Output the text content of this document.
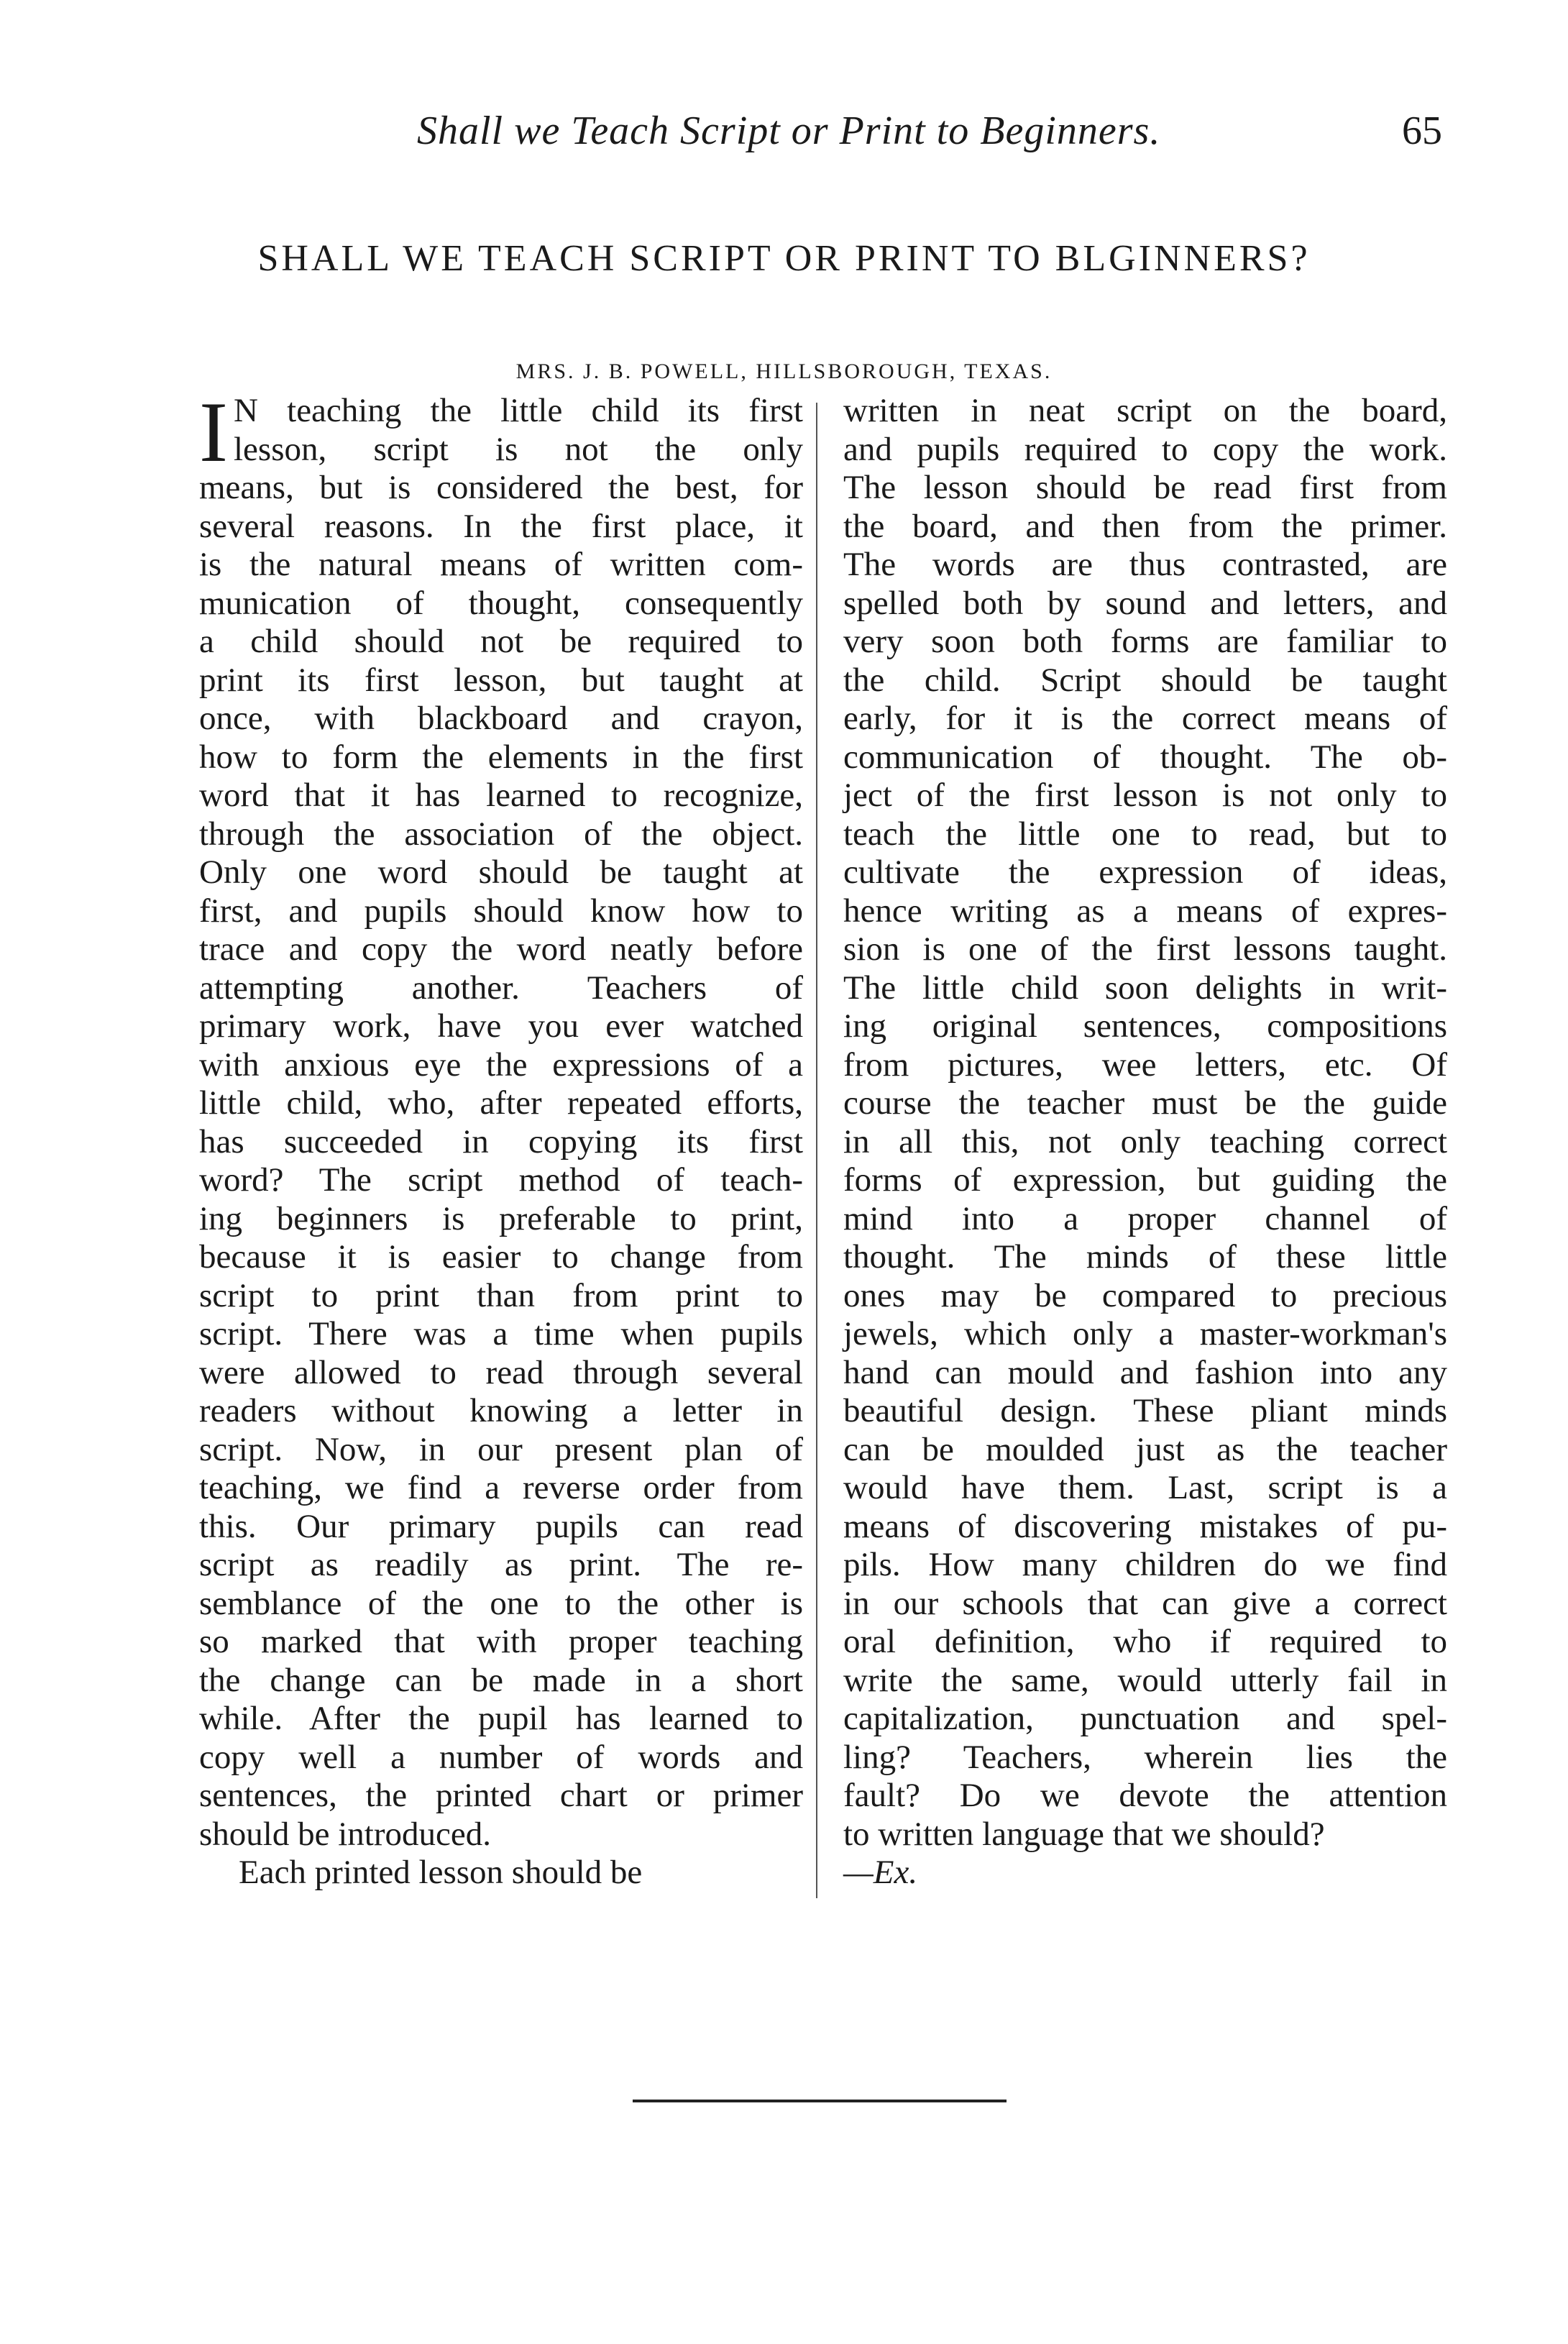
Shall we Teach Script or Print to Beginners.	65
SHALL WE TEACH SCRIPT OR PRINT TO BLGINNERS?
MRS. J. B. POWELL, HILLSBOROUGH, TEXAS.
I N teaching the little child its first
lesson, script is not the only
means, but is considered the best, for
several reasons. In the first place, it
is the natural means of written com-
munication of thought, consequently
a child should not be required to
print its first lesson, but taught at
once, with blackboard and crayon,
how to form the elements in the first
word that it has learned to recognize,
through the association of the object.
Only one word should be taught at
first, and pupils should know how to
trace and copy the word neatly before
attempting another. Teachers of
primary work, have you ever watched
with anxious eye the expressions of a
little child, who, after repeated efforts,
has succeeded in copying its first
word? The script method of teach-
ing beginners is preferable to print,
because it is easier to change from
script to print than from print to
script. There was a time when pupils
were allowed to read through several
readers without knowing a letter in
script. Now, in our present plan of
teaching, we find a reverse order from
this. Our primary pupils can read
script as readily as print. The re-
semblance of the one to the other is
so marked that with proper teaching
the change can be made in a short
while. After the pupil has learned to
copy well a number of words and
sentences, the printed chart or primer
should be introduced.
Each printed lesson should be
written in neat script on the board,
and pupils required to copy the work.
The lesson should be read first from
the board, and then from the primer.
The words are thus contrasted, are
spelled both by sound and letters, and
very soon both forms are familiar to
the child. Script should be taught
early, for it is the correct means of
communication of thought. The ob-
ject of the first lesson is not only to
teach the little one to read, but to
cultivate the expression of ideas,
hence writing as a means of expres-
sion is one of the first lessons taught.
The little child soon delights in writ-
ing original sentences, compositions
from pictures, wee letters, etc. Of
course the teacher must be the guide
in all this, not only teaching correct
forms of expression, but guiding the
mind into a proper channel of
thought. The minds of these little
ones may be compared to precious
jewels, which only a master-workman's
hand can mould and fashion into any
beautiful design. These pliant minds
can be moulded just as the teacher
would have them. Last, script is a
means of discovering mistakes of pu-
pils. How many children do we find
in our schools that can give a correct
oral definition, who if required to
write the same, would utterly fail in
capitalization, punctuation and spel-
ling? Teachers, wherein lies the
fault? Do we devote the attention
to written language that we should?
—Ex.
